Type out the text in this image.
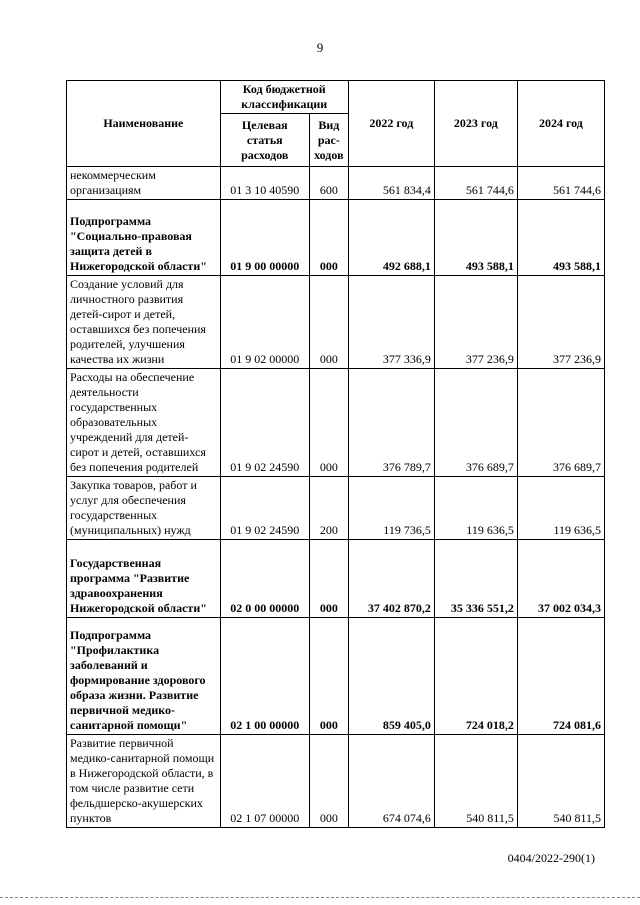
9
Наименование	Код бюджетной классификации		2022 год	2023 год	2024 год
	Целевая статья расходов	Вид рас-ходов			
некоммерческим организациям	01 3 10 40590	600	561 834,4	561 744,6	561 744,6
Подпрограмма "Социально-правовая защита детей в Нижегородской области"	01 9 00 00000	000	492 688,1	493 588,1	493 588,1
Создание условий для личностного развития детей-сирот и детей, оставшихся без попечения родителей, улучшения качества их жизни	01 9 02 00000	000	377 336,9	377 236,9	377 236,9
Расходы на обеспечение деятельности государственных образовательных учреждений для детей-сирот и детей, оставшихся без попечения родителей	01 9 02 24590	000	376 789,7	376 689,7	376 689,7
Закупка товаров, работ и услуг для обеспечения государственных (муниципальных) нужд	01 9 02 24590	200	119 736,5	119 636,5	119 636,5
Государственная программа "Развитие здравоохранения Нижегородской области"	02 0 00 00000	000	37 402 870,2	35 336 551,2	37 002 034,3
Подпрограмма "Профилактика заболеваний и формирование здорового образа жизни. Развитие первичной медико-санитарной помощи"	02 1 00 00000	000	859 405,0	724 018,2	724 081,6
Развитие первичной медико-санитарной помощи в Нижегородской области, в том числе развитие сети фельдшерско-акушерских пунктов	02 1 07 00000	000	674 074,6	540 811,5	540 811,5
0404/2022-290(1)
